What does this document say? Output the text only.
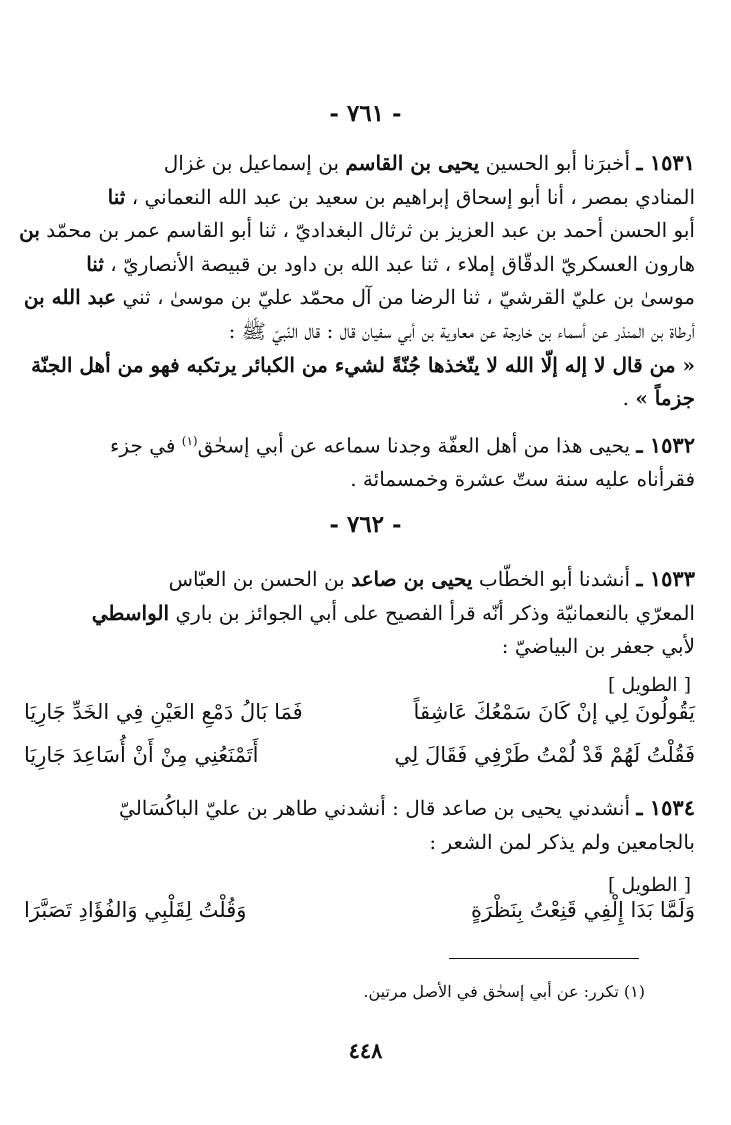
- ٧٦١ -
١٥٣١ ـ أخبرَنا أبو الحسين يحيى بن القاسم بن إسماعيل بن غزال
المنادي بمصر ، أنا أبو إسحاق إبراهيم بن سعيد بن عبد الله النعماني ، ثنا
أبو الحسن أحمد بن عبد العزيز بن ثرثال البغداديّ ، ثنا أبو القاسم عمر بن محمّد بن
هارون العسكريّ الدقّاق إملاء ، ثنا عبد الله بن داود بن قبيصة الأنصاريّ ، ثنا
موسىٰ بن عليّ القرشيّ ، ثنا الرضا من آل محمّد عليّ بن موسىٰ ، ثني عبد الله بن
أرطاة بن المنذر عن أسماء بن خارجة عن معاوية بن أبي سفيان قال : قال النّبيّ ﷺ :
« من قال لا إله إلّا الله لا يتّخذها جُنّةً لشيء من الكبائر يرتكبه فهو من أهل الجنّة
جزماً » .
١٥٣٢ ـ يحيى هذا من أهل العفّة وجدنا سماعه عن أبي إسحٰق$^{(١)}$ في جزء
فقرأناه عليه سنة ستّ عشرة وخمسمائة .
- ٧٦٢ -
١٥٣٣ ـ أنشدنا أبو الخطّاب يحيى بن صاعد بن الحسن بن العبّاس
المعرّي بالنعمانيّة وذكر أنّه قرأ الفصيح على أبي الجوائز بن باري الواسطي
لأبي جعفر بن البياضيّ :
[ الطويل ]
يَقُولُونَ لِي إنْ كَانَ سَمْعُكَ عَاشِقاً
فَمَا بَالُ دَمْعِ العَيْنِ فِي الخَدِّ جَارِيَا
فَقُلْتُ لَهُمْ قَدْ لُمْتُ طَرْفِي فَقَالَ لِي
أَتَمْنَعُنِي مِنْ أَنْ أُسَاعِدَ جَارِيَا
١٥٣٤ ـ أنشدني يحيى بن صاعد قال : أنشدني طاهر بن عليّ الباكُسَاليّ
بالجامعين ولم يذكر لمن الشعر :
[ الطويل ]
وَلَمَّا بَدَا إِلْفِي قَنِعْتُ بِنَظْرَةٍ
وَقُلْتُ لِقَلْبِي وَالفُؤَادِ تَصَبَّرَا
(١) تكرر: عن أبي إسحٰق في الأصل مرتين.
٤٤٨
